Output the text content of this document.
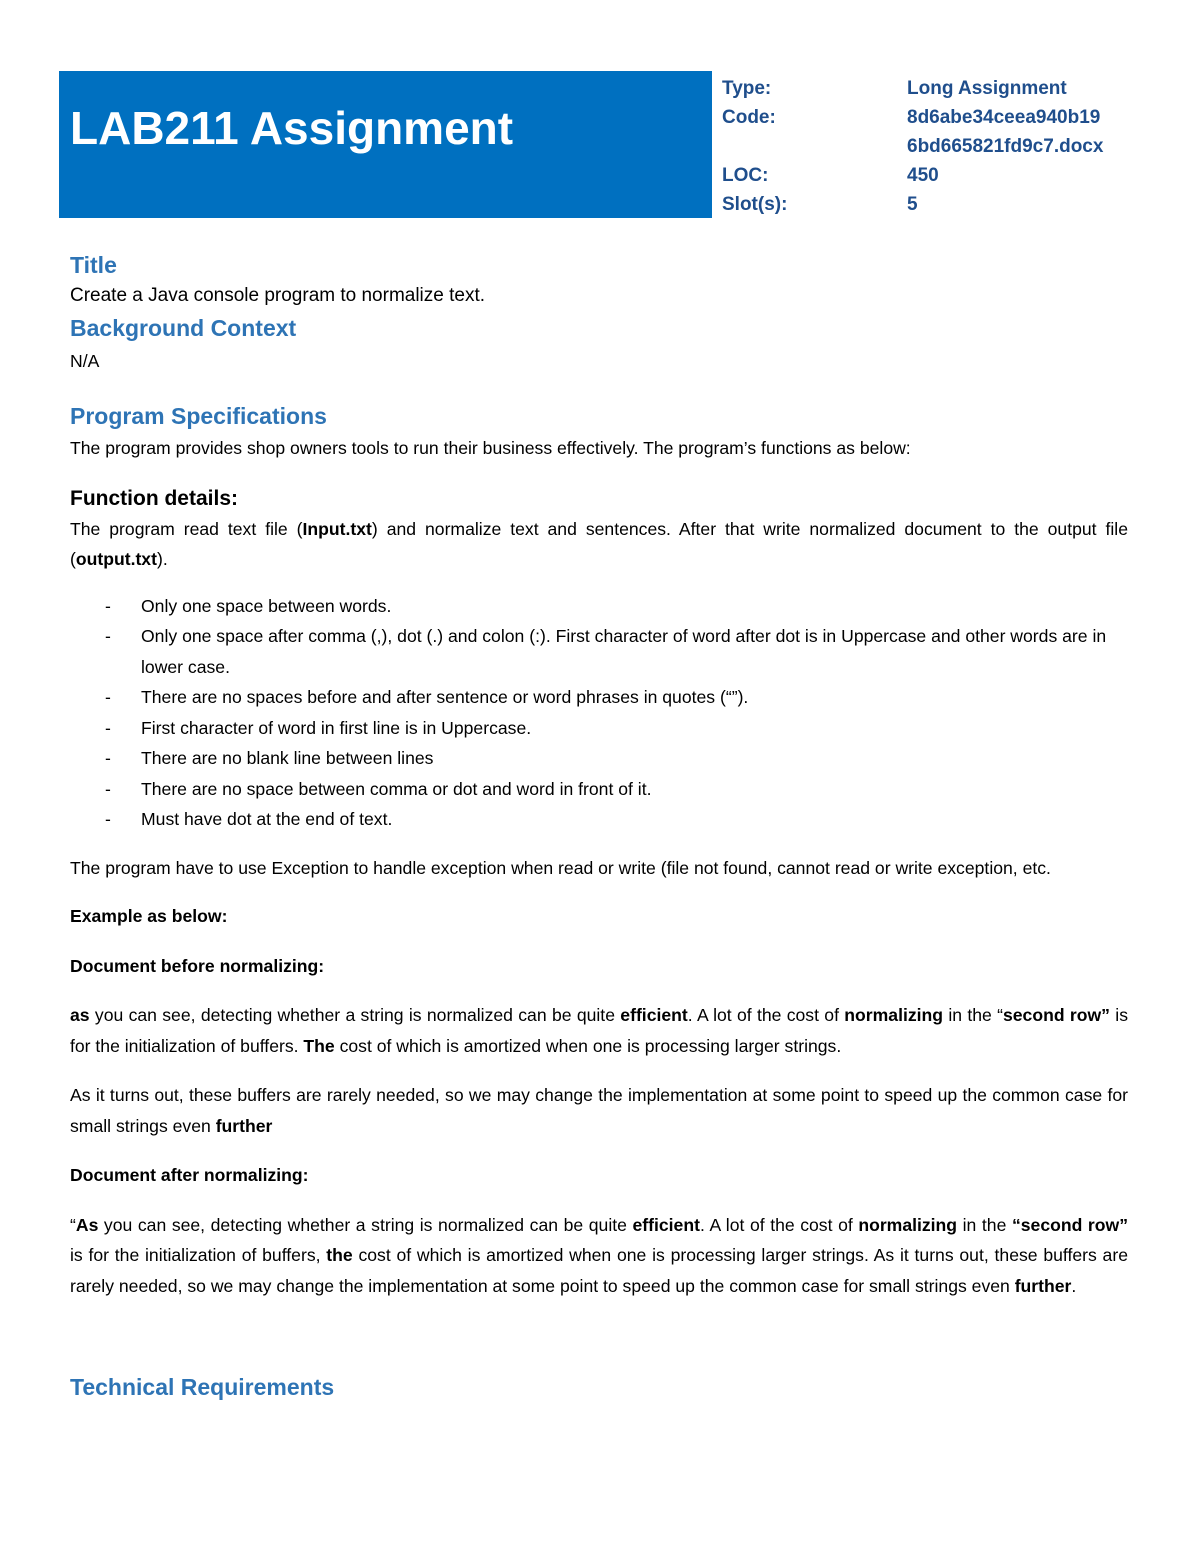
LAB211 Assignment
Type:	Long Assignment
Code:	8d6abe34ceea940b19
6bd665821fd9c7.docx
LOC:	450
Slot(s):	5
Title

Create a Java console program to normalize text.

Background Context

N/A

Program Specifications

The program provides shop owners tools to run their business effectively. The program’s functions as below:

Function details:

The program read text file (Input.txt) and normalize text and sentences. After that write normalized document to the output file (output.txt).

- Only one space between words.
- Only one space after comma (,), dot (.) and colon (:). First character of word after dot is in Uppercase and other words are in lower case.
- There are no spaces before and after sentence or word phrases in quotes (“”).
- First character of word in first line is in Uppercase.
- There are no blank line between lines
- There are no space between comma or dot and word in front of it.
- Must have dot at the end of text.

The program have to use Exception to handle exception when read or write (file not found, cannot read or write exception, etc.

Example as below:

Document before normalizing:

as you can see, detecting whether a string is normalized can be quite efficient. A lot of the cost of normalizing in the “second row” is for the initialization of buffers. The cost of which is amortized when one is processing larger strings.

As it turns out, these buffers are rarely needed, so we may change the implementation at some point to speed up the common case for small strings even further

Document after normalizing:

“As you can see, detecting whether a string is normalized can be quite efficient. A lot of the cost of normalizing in the “second row” is for the initialization of buffers, the cost of which is amortized when one is processing larger strings. As it turns out, these buffers are rarely needed, so we may change the implementation at some point to speed up the common case for small strings even further.

Technical Requirements
